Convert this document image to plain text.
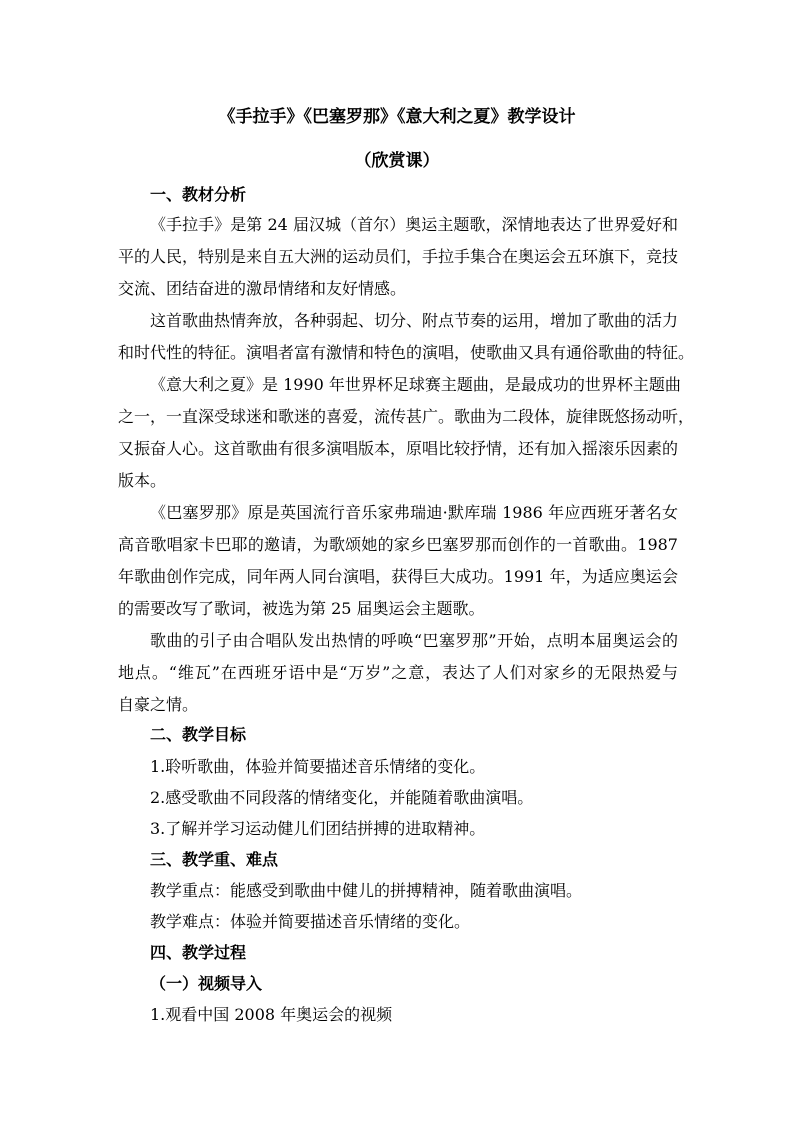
《手拉手》《巴塞罗那》《意大利之夏》教学设计
（欣赏课）
一、教材分析
《手拉手》是第 24 届汉城（首尔）奥运主题歌，深情地表达了世界爱好和
平的人民，特别是来自五大洲的运动员们，手拉手集合在奥运会五环旗下，竞技
交流、团结奋进的激昂情绪和友好情感。
这首歌曲热情奔放，各种弱起、切分、附点节奏的运用，增加了歌曲的活力
和时代性的特征。演唱者富有激情和特色的演唱，使歌曲又具有通俗歌曲的特征。
《意大利之夏》是 1990 年世界杯足球赛主题曲，是最成功的世界杯主题曲
之一，一直深受球迷和歌迷的喜爱，流传甚广。歌曲为二段体，旋律既悠扬动听，
又振奋人心。这首歌曲有很多演唱版本，原唱比较抒情，还有加入摇滚乐因素的
版本。
《巴塞罗那》原是英国流行音乐家弗瑞迪·默库瑞 1986 年应西班牙著名女
高音歌唱家卡巴耶的邀请，为歌颂她的家乡巴塞罗那而创作的一首歌曲。1987
年歌曲创作完成，同年两人同台演唱，获得巨大成功。1991 年，为适应奥运会
的需要改写了歌词，被选为第 25 届奥运会主题歌。
歌曲的引子由合唱队发出热情的呼唤“巴塞罗那”开始，点明本届奥运会的
地点。“维瓦”在西班牙语中是“万岁”之意，表达了人们对家乡的无限热爱与
自豪之情。
二、教学目标
1.聆听歌曲，体验并简要描述音乐情绪的变化。
2.感受歌曲不同段落的情绪变化，并能随着歌曲演唱。
3.了解并学习运动健儿们团结拼搏的进取精神。
三、教学重、难点
教学重点：能感受到歌曲中健儿的拼搏精神，随着歌曲演唱。
教学难点：体验并简要描述音乐情绪的变化。
四、教学过程
（一）视频导入
1.观看中国 2008 年奥运会的视频
